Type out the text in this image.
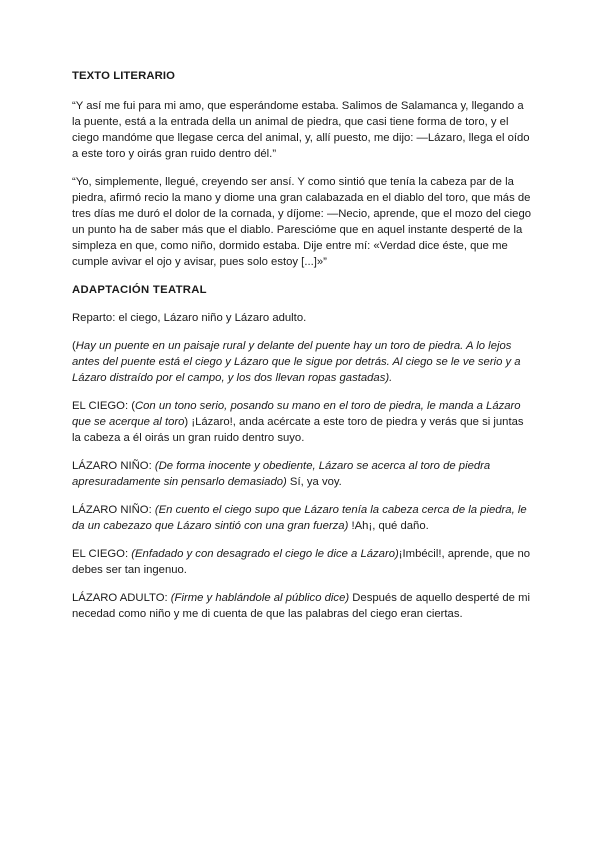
TEXTO LITERARIO

“Y así me fui para mi amo, que esperándome estaba. Salimos de Salamanca y, llegando a la puente, está a la entrada della un animal de piedra, que casi tiene forma de toro, y el ciego mandóme que llegase cerca del animal, y, allí puesto, me dijo: —Lázaro, llega el oído a este toro y oirás gran ruido dentro dél.”

“Yo, simplemente, llegué, creyendo ser ansí. Y como sintió que tenía la cabeza par de la piedra, afirmó recio la mano y diome una gran calabazada en el diablo del toro, que más de tres días me duró el dolor de la cornada, y díjome: —Necio, aprende, que el mozo del ciego un punto ha de saber más que el diablo. Parescióme que en aquel instante desperté de la simpleza en que, como niño, dormido estaba. Dije entre mí: «Verdad dice éste, que me cumple avivar el ojo y avisar, pues solo estoy [...]»”

ADAPTACIÓN TEATRAL

Reparto: el ciego, Lázaro niño y Lázaro adulto.

(Hay un puente en un paisaje rural y delante del puente hay un toro de piedra. A lo lejos antes del puente está el ciego y Lázaro que le sigue por detrás. Al ciego se le ve serio y a Lázaro distraído por el campo, y los dos llevan ropas gastadas).

EL CIEGO: (Con un tono serio, posando su mano en el toro de piedra, le manda a Lázaro que se acerque al toro) ¡Lázaro!, anda acércate a este toro de piedra y verás que si juntas la cabeza a él oirás un gran ruido dentro suyo.

LÁZARO NIÑO: (De forma inocente y obediente, Lázaro se acerca al toro de piedra apresuradamente sin pensarlo demasiado) Sí, ya voy.

LÁZARO NIÑO: (En cuento el ciego supo que Lázaro tenía la cabeza cerca de la piedra, le da un cabezazo que Lázaro sintió con una gran fuerza) !Ah¡, qué daño.

EL CIEGO: (Enfadado y con desagrado el ciego le dice a Lázaro)¡Imbécil!, aprende, que no debes ser tan ingenuo.

LÁZARO ADULTO: (Firme y hablándole al público dice) Después de aquello desperté de mi necedad como niño y me di cuenta de que las palabras del ciego eran ciertas.
